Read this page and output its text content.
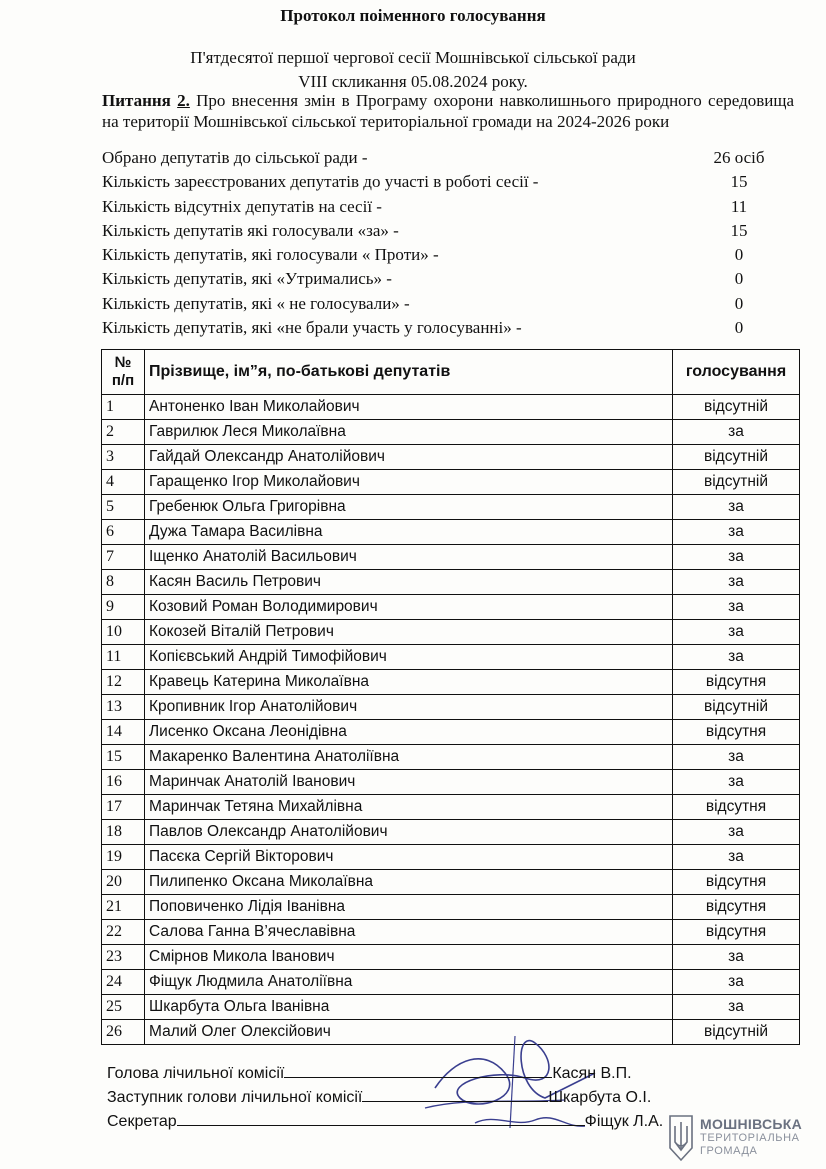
Протокол поіменного голосування
П'ятдесятої першої чергової сесії Мошнівської сільської ради
VIII скликання 05.08.2024 року.
Питання 2. Про внесення змін в Програму охорони навколишнього природного середовища на території Мошнівської сільської територіальної громади на 2024-2026 роки
Обрано депутатів до сільської ради -	26 осіб
Кількість зареєстрованих депутатів до участі в роботі сесії -	15
Кількість відсутніх депутатів на сесії -	11
Кількість депутатів які голосували «за» -	15
Кількість депутатів, які голосували « Проти» -	0
Кількість депутатів, які «Утримались» -	0
Кількість депутатів, які « не голосували» -	0
Кількість депутатів, які «не брали участь у голосуванні» -	0
№
п/п	Прізвище, ім”я, по-батькові депутатів	голосування
1	Антоненко Іван Миколайович	відсутній
2	Гаврилюк Леся Миколаївна	за
3	Гайдай Олександр Анатолійович	відсутній
4	Гаращенко Ігор Миколайович	відсутній
5	Гребенюк Ольга Григорівна	за
6	Дужа Тамара Василівна	за
7	Іщенко Анатолій Васильович	за
8	Касян Василь Петрович	за
9	Козовий Роман Володимирович	за
10	Кокозей Віталій Петрович	за
11	Копієвський Андрій Тимофійович	за
12	Кравець Катерина Миколаївна	відсутня
13	Кропивник Ігор Анатолійович	відсутній
14	Лисенко Оксана Леонідівна	відсутня
15	Макаренко Валентина Анатоліївна	за
16	Маринчак Анатолій Іванович	за
17	Маринчак Тетяна Михайлівна	відсутня
18	Павлов Олександр Анатолійович	за
19	Пасєка Сергій Вікторович	за
20	Пилипенко Оксана Миколаївна	відсутня
21	Поповиченко Лідія Іванівна	відсутня
22	Салова Ганна В’ячеславівна	відсутня
23	Смірнов Микола Іванович	за
24	Фіщук Людмила Анатоліївна	за
25	Шкарбута Ольга Іванівна	за
26	Малий Олег Олексійович	відсутній
Голова лічильної комісії	Касян В.П.
Заступник голови лічильної комісії	Шкарбута О.І.
Секретар	Фіщук Л.А.	МОШНІВСЬКА
ТЕРИТОРІАЛЬНА
ГРОМАДА
